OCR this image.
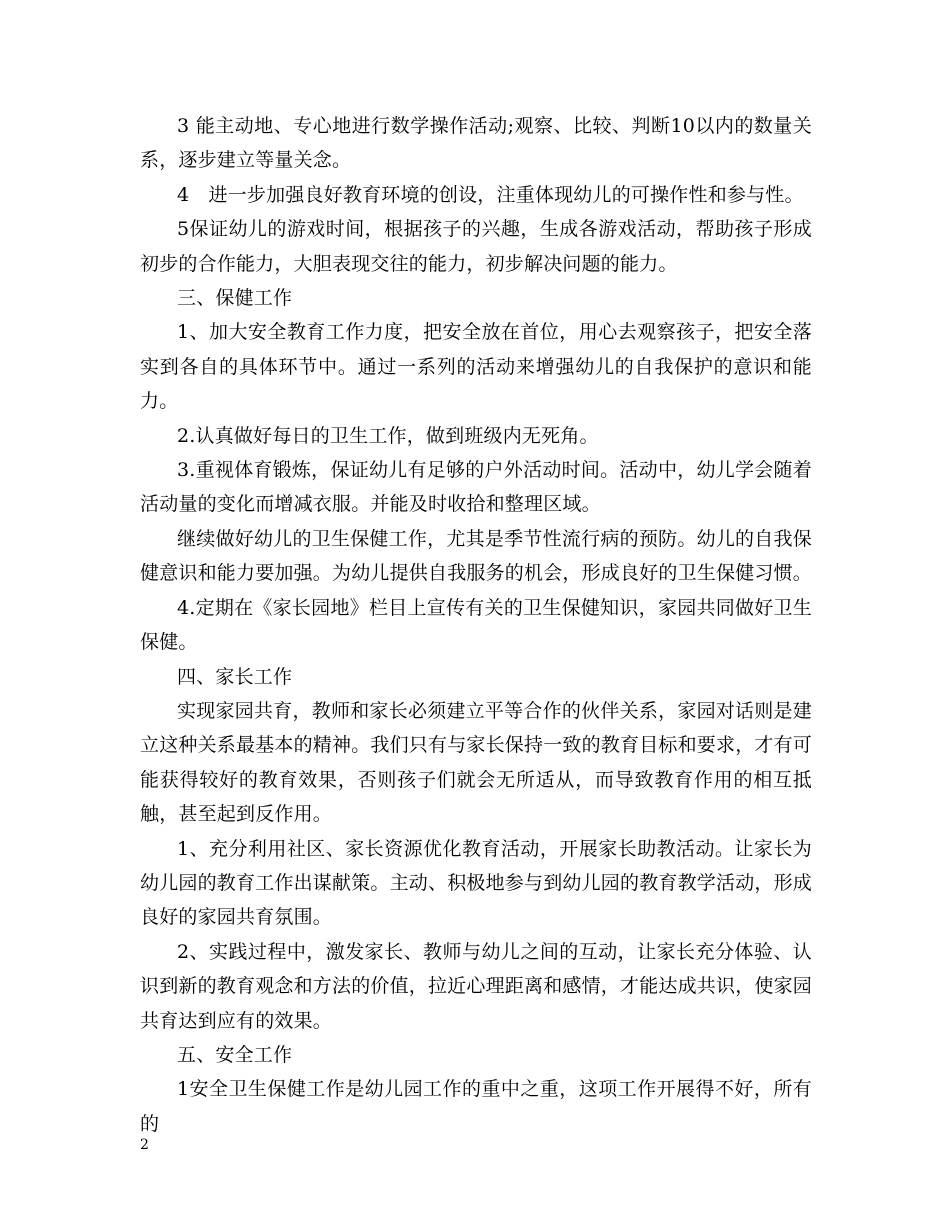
3 能主动地、专心地进行数学操作活动;观察、比较、判断10以内的数量关系，逐步建立等量关念。

4　进一步加强良好教育环境的创设，注重体现幼儿的可操作性和参与性。

5保证幼儿的游戏时间，根据孩子的兴趣，生成各游戏活动，帮助孩子形成初步的合作能力，大胆表现交往的能力，初步解决问题的能力。

三、保健工作

1、加大安全教育工作力度，把安全放在首位，用心去观察孩子，把安全落实到各自的具体环节中。通过一系列的活动来增强幼儿的自我保护的意识和能力。

2.认真做好每日的卫生工作，做到班级内无死角。

3.重视体育锻炼，保证幼儿有足够的户外活动时间。活动中，幼儿学会随着活动量的变化而增减衣服。并能及时收拾和整理区域。

继续做好幼儿的卫生保健工作，尤其是季节性流行病的预防。幼儿的自我保健意识和能力要加强。为幼儿提供自我服务的机会，形成良好的卫生保健习惯。

4.定期在《家长园地》栏目上宣传有关的卫生保健知识，家园共同做好卫生保健。

四、家长工作

实现家园共育，教师和家长必须建立平等合作的伙伴关系，家园对话则是建立这种关系最基本的精神。我们只有与家长保持一致的教育目标和要求，才有可能获得较好的教育效果，否则孩子们就会无所适从，而导致教育作用的相互抵触，甚至起到反作用。

1、充分利用社区、家长资源优化教育活动，开展家长助教活动。让家长为幼儿园的教育工作出谋献策。主动、积极地参与到幼儿园的教育教学活动，形成良好的家园共育氛围。

2、实践过程中，激发家长、教师与幼儿之间的互动，让家长充分体验、认识到新的教育观念和方法的价值，拉近心理距离和感情，才能达成共识，使家园共育达到应有的效果。

五、安全工作

1安全卫生保健工作是幼儿园工作的重中之重，这项工作开展得不好，所有的

2
